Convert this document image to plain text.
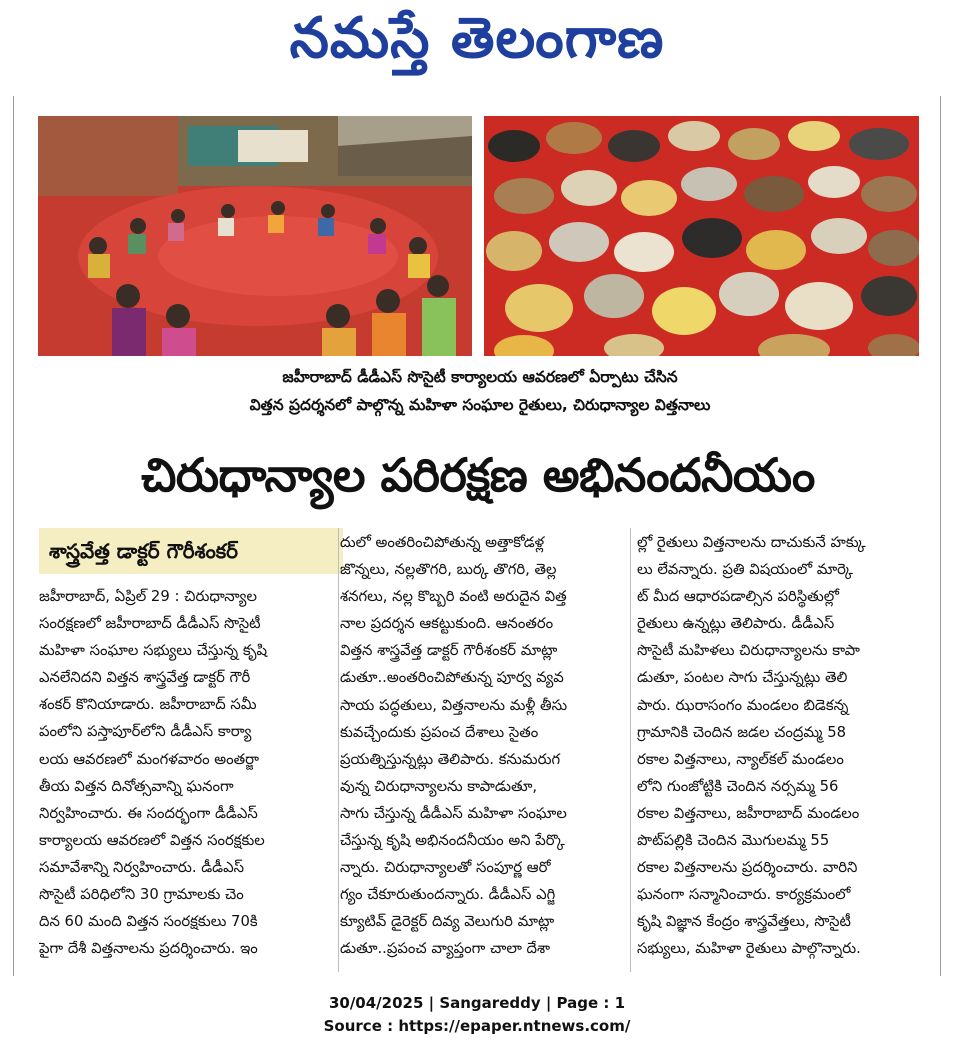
నమస్తే తెలంగాణ
జహీరాబాద్ డీడీఎస్ సొసైటీ కార్యాలయ ఆవరణలో ఏర్పాటు చేసిన
విత్తన ప్రదర్శనలో పాల్గొన్న మహిళా సంఘాల రైతులు, చిరుధాన్యాల విత్తనాలు
చిరుధాన్యాల పరిరక్షణ అభినందనీయం
శాస్త్రవేత్త డాక్టర్ గౌరీశంకర్

జహీరాబాద్, ఏప్రిల్ 29 : చిరుధాన్యాల

సంరక్షణలో జహీరాబాద్ డీడీఎస్ సొసైటీ

మహిళా సంఘాల సభ్యులు చేస్తున్న కృషి

ఎనలేనిదని విత్తన శాస్త్రవేత్త డాక్టర్ గౌరీ

శంకర్ కొనియాడారు. జహీరాబాద్ సమీ

పంలోని పస్తాపూర్‌లోని డీడీఎస్ కార్యా

లయ ఆవరణలో మంగళవారం అంతర్జా

తీయ విత్తన దినోత్సవాన్ని ఘనంగా

నిర్వహించారు. ఈ సందర్భంగా డీడీఎస్

కార్యాలయ ఆవరణలో విత్తన సంరక్షకుల

సమావేశాన్ని నిర్వహించారు. డీడీఎస్

సొసైటీ పరిధిలోని 30 గ్రామాలకు చెం

దిన 60 మంది విత్తన సంరక్షకులు 70కి

పైగా దేశీ విత్తనాలను ప్రదర్శించారు. ఇం

దులో అంతరించిపోతున్న అత్తాకోడళ్ల

జొన్నలు, నల్లతొగరి, బుర్క తొగరి, తెల్ల

శనగలు, నల్ల కొబ్బరి వంటి అరుదైన విత్త

నాల ప్రదర్శన ఆకట్టుకుంది. ఆనంతరం

విత్తన శాస్త్రవేత్త డాక్టర్ గౌరీశంకర్ మాట్లా

డుతూ..అంతరించిపోతున్న పూర్వ వ్యవ

సాయ పద్ధతులు, విత్తనాలను మళ్లీ తీసు

కువచ్చేందుకు ప్రపంచ దేశాలు సైతం

ప్రయత్నిస్తున్నట్లు తెలిపారు. కనుమరుగ

వున్న చిరుధాన్యాలను కాపాడుతూ,

సాగు చేస్తున్న డీడీఎస్ మహిళా సంఘాల

చేస్తున్న కృషి అభినందనీయం అని పేర్కొ

న్నారు. చిరుధాన్యాలతో సంపూర్ణ ఆరో

గ్యం చేకూరుతుందన్నారు. డీడీఎస్ ఎగ్జి

క్యూటివ్ డైరెక్టర్ దివ్య వెలుగురి మాట్లా

డుతూ..ప్రపంచ వ్యాప్తంగా చాలా దేశా

ల్లో రైతులు విత్తనాలను దాచుకునే హక్కు

లు లేవన్నారు. ప్రతి విషయంలో మార్కె

ట్ మీద ఆధారపడాల్సిన పరిస్థితుల్లో

రైతులు ఉన్నట్లు తెలిపారు. డీడీఎస్

సొసైటీ మహిళలు చిరుధాన్యాలను కాపా

డుతూ, పంటల సాగు చేస్తున్నట్లు తెలి

పారు. ఝరాసంగం మండలం బిడెకన్న

గ్రామానికి చెందిన జడల చంద్రమ్మ 58

రకాల విత్తనాలు, న్యాల్‌కల్ మండలం

లోని గుంజోట్టికి చెందిన నర్సమ్మ 56

రకాల విత్తనాలు, జహీరాబాద్ మండలం

పొట్‌పల్లికి చెందిన మొగులమ్మ 55

రకాల విత్తనాలను ప్రదర్శించారు. వారిని

ఘనంగా సన్మానించారు. కార్యక్రమంలో

కృషి విజ్ఞాన కేంద్రం శాస్త్రవేత్తలు, సొసైటీ

సభ్యులు, మహిళా రైతులు పాల్గొన్నారు.

30/04/2025 | Sangareddy | Page : 1
Source : https://epaper.ntnews.com/
